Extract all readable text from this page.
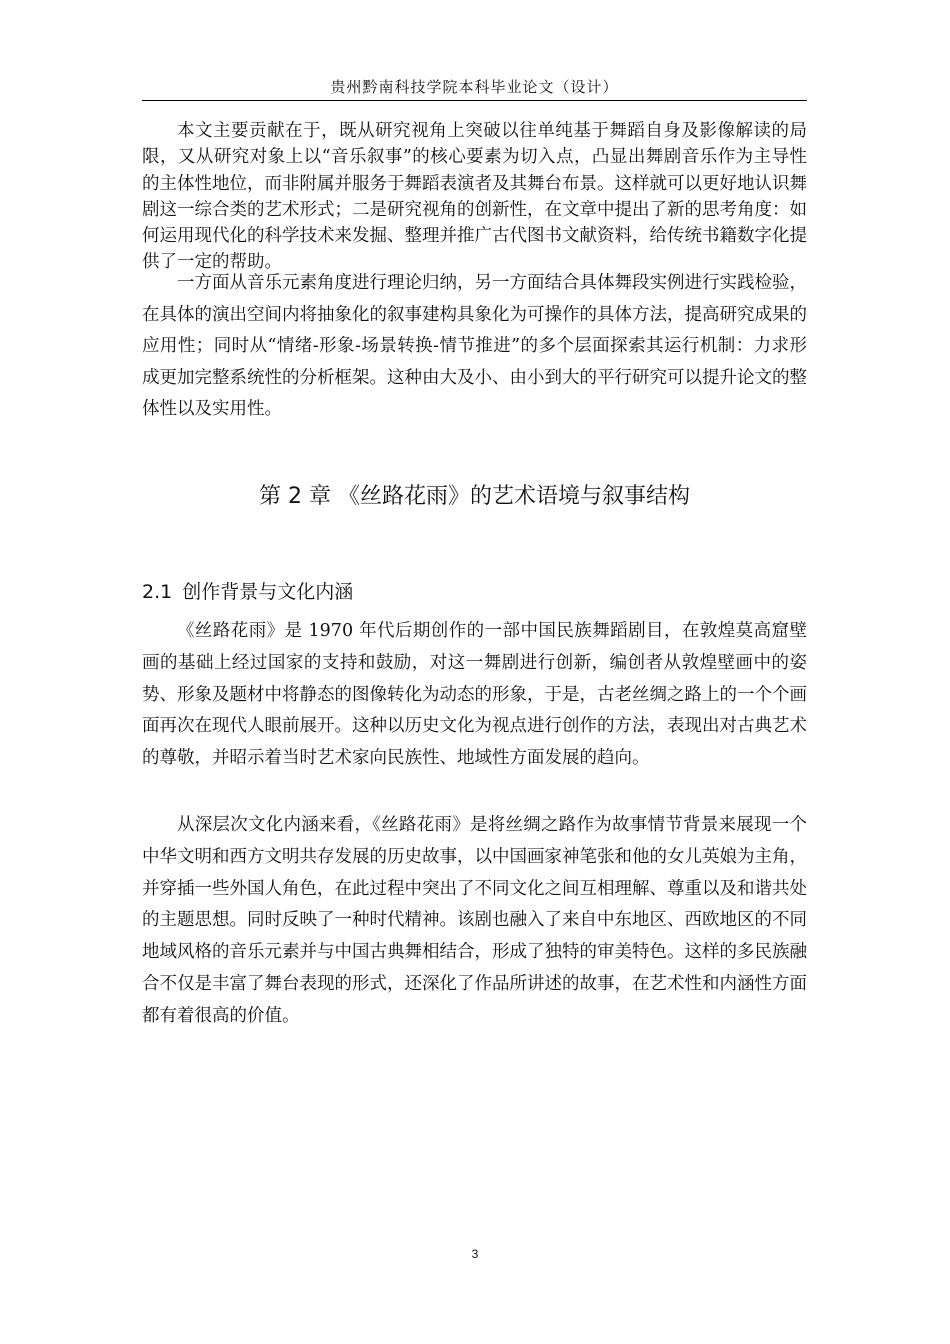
贵州黔南科技学院本科毕业论文（设计）

本文主要贡献在于，既从研究视角上突破以往单纯基于舞蹈自身及影像解读的局限，又从研究对象上以“音乐叙事”的核心要素为切入点，凸显出舞剧音乐作为主导性的主体性地位，而非附属并服务于舞蹈表演者及其舞台布景。这样就可以更好地认识舞剧这一综合类的艺术形式；二是研究视角的创新性，在文章中提出了新的思考角度：如何运用现代化的科学技术来发掘、整理并推广古代图书文献资料，给传统书籍数字化提供了一定的帮助。

一方面从音乐元素角度进行理论归纳，另一方面结合具体舞段实例进行实践检验，在具体的演出空间内将抽象化的叙事建构具象化为可操作的具体方法，提高研究成果的应用性；同时从“情绪-形象-场景转换-情节推进”的多个层面探索其运行机制：力求形成更加完整系统性的分析框架。这种由大及小、由小到大的平行研究可以提升论文的整体性以及实用性。

第 2 章 《丝路花雨》的艺术语境与叙事结构
2.1 创作背景与文化内涵

《丝路花雨》是 1970 年代后期创作的一部中国民族舞蹈剧目，在敦煌莫高窟壁画的基础上经过国家的支持和鼓励，对这一舞剧进行创新，编创者从敦煌壁画中的姿势、形象及题材中将静态的图像转化为动态的形象，于是，古老丝绸之路上的一个个画面再次在现代人眼前展开。这种以历史文化为视点进行创作的方法，表现出对古典艺术的尊敬，并昭示着当时艺术家向民族性、地域性方面发展的趋向。

从深层次文化内涵来看，《丝路花雨》是将丝绸之路作为故事情节背景来展现一个中华文明和西方文明共存发展的历史故事，以中国画家神笔张和他的女儿英娘为主角，并穿插一些外国人角色，在此过程中突出了不同文化之间互相理解、尊重以及和谐共处的主题思想。同时反映了一种时代精神。该剧也融入了来自中东地区、西欧地区的不同地域风格的音乐元素并与中国古典舞相结合，形成了独特的审美特色。这样的多民族融合不仅是丰富了舞台表现的形式，还深化了作品所讲述的故事，在艺术性和内涵性方面都有着很高的价值。

3
